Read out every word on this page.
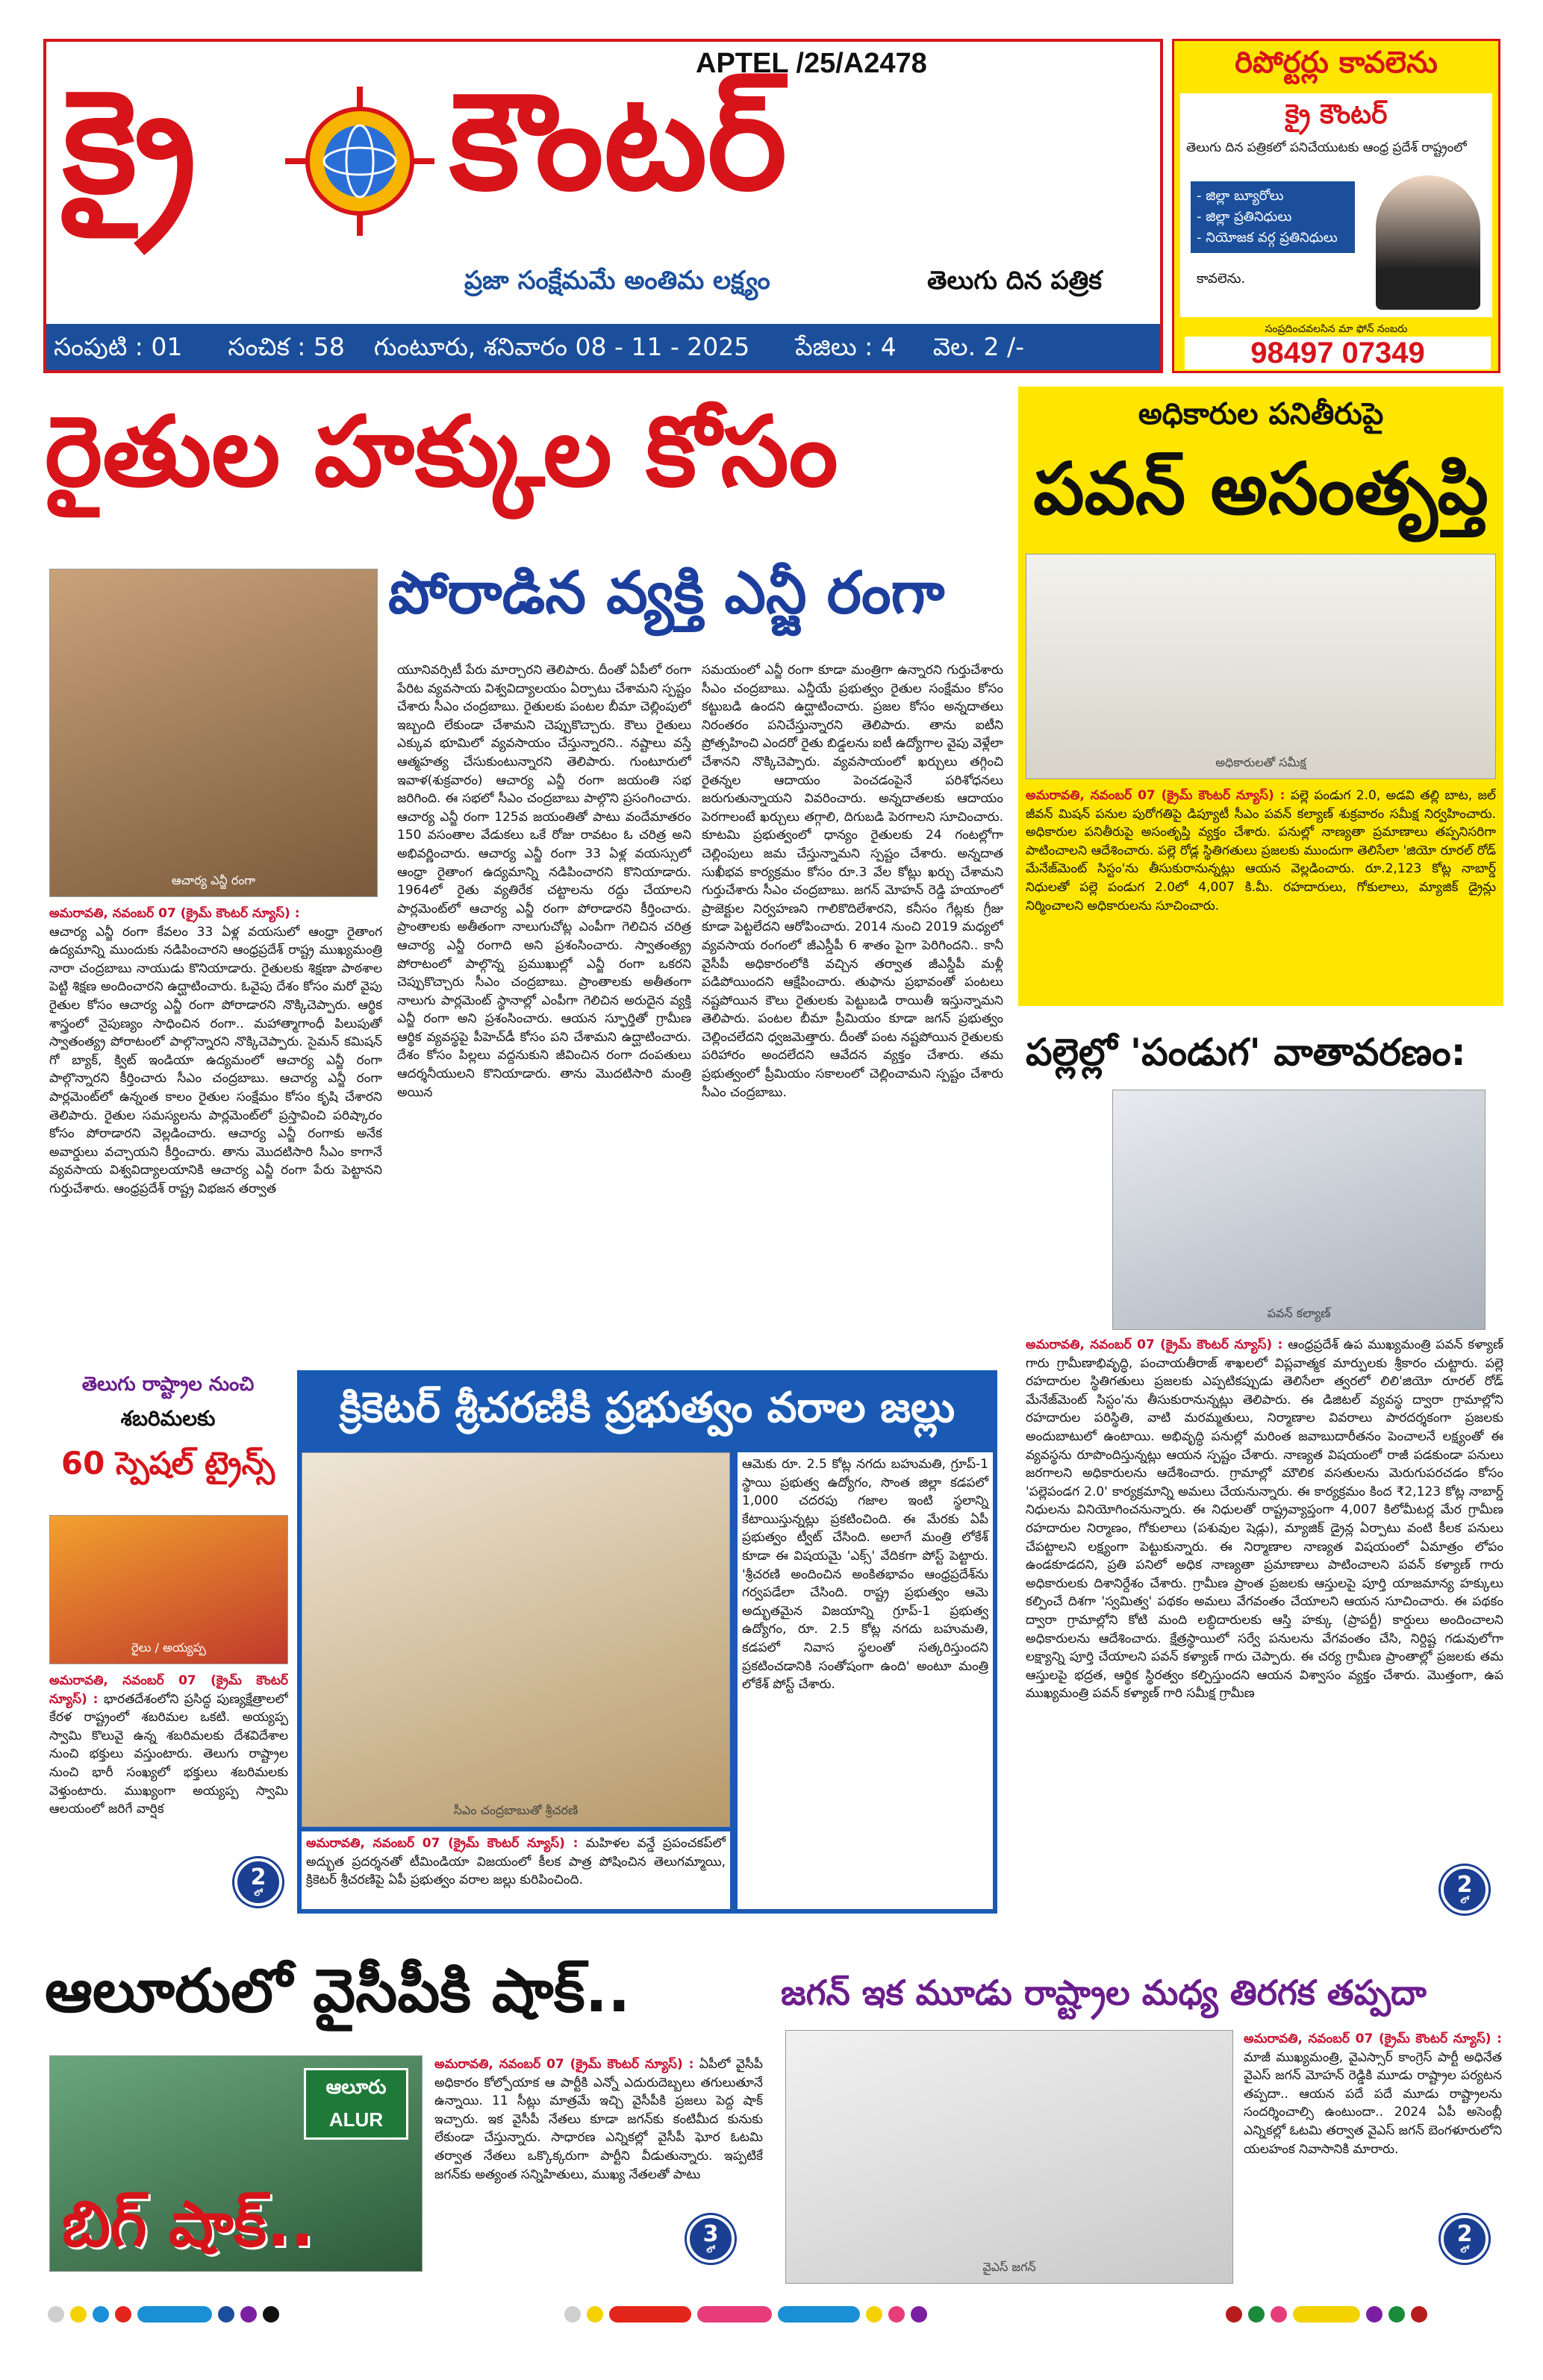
APTEL /25/A2478
క్రై కౌంటర్
ప్రజా సంక్షేమమే అంతిమ లక్ష్యం	తెలుగు దిన పత్రిక
సంపుటి : 01 సంచిక : 58 గుంటూరు, శనివారం 08 - 11 - 2025 పేజిలు : 4 వెల. 2 /-
రిపోర్టర్లు కావలెను
క్రై కౌంటర్
తెలుగు దిన పత్రికలో పనిచేయుటకు ఆంధ్ర ప్రదేశ్ రాష్ట్రంలో
- జిల్లా బ్యూరోలు
- జిల్లా ప్రతినిధులు
- నియోజక వర్గ ప్రతినిధులు
కావలెను.
సంప్రదించవలసిన మా ఫోన్ నంబరు
98497 07349
రైతుల హక్కుల కోసం
ఆచార్య ఎన్జీ రంగా
పోరాడిన వ్యక్తి ఎన్జీ రంగా

అమరావతి, నవంబర్ 07 (క్రైమ్ కౌంటర్ న్యూస్) :

ఆచార్య ఎన్జీ రంగా కేవలం 33 ఏళ్ల వయసులో ఆంధ్రా రైతాంగ ఉద్యమాన్ని ముందుకు నడిపించారని ఆంధ్రప్రదేశ్ రాష్ట్ర ముఖ్యమంత్రి నారా చంద్రబాబు నాయుడు కొనియాడారు. రైతులకు శిక్షణా పాఠశాల పెట్టి శిక్షణ అందించారని ఉద్ఘాటించారు. ఓవైపు దేశం కోసం మరో వైపు రైతుల కోసం ఆచార్య ఎన్జీ రంగా పోరాడారని నొక్కిచెప్పారు. ఆర్థిక శాస్త్రంలో నైపుణ్యం సాధించిన రంగా.. మహాత్మాగాంధీ పిలుపుతో స్వాతంత్య్ర పోరాటంలో పాల్గొన్నారని నొక్కిచెప్పారు. సైమన్ కమిషన్ గో బ్యాక్, క్విట్ ఇండియా ఉద్యమంలో ఆచార్య ఎన్జీ రంగా పాల్గొన్నారని కీర్తించారు సీఎం చంద్రబాబు. ఆచార్య ఎన్జీ రంగా పార్లమెంట్‌లో ఉన్నంత కాలం రైతుల సంక్షేమం కోసం కృషి చేశారని తెలిపారు. రైతుల సమస్యలను పార్లమెంట్‌లో ప్రస్తావించి పరిష్కారం కోసం పోరాడారని వెల్లడించారు. ఆచార్య ఎన్జీ రంగాకు అనేక అవార్డులు వచ్చాయని కీర్తించారు. తాను మొదటిసారి సీఎం కాగానే వ్యవసాయ విశ్వవిద్యాలయానికి ఆచార్య ఎన్జీ రంగా పేరు పెట్టానని గుర్తుచేశారు. ఆంధ్రప్రదేశ్ రాష్ట్ర విభజన తర్వాత

యూనివర్సిటీ పేరు మార్చారని తెలిపారు. దీంతో ఏపీలో రంగా పేరిట వ్యవసాయ విశ్వవిద్యాలయం ఏర్పాటు చేశామని స్పష్టం చేశారు సీఎం చంద్రబాబు. రైతులకు పంటల బీమా చెల్లింపులో ఇబ్బంది లేకుండా చేశామని చెప్పుకొచ్చారు. కౌలు రైతులు ఎక్కువ భూమిలో వ్యవసాయం చేస్తున్నారని.. నష్టాలు వస్తే ఆత్మహత్య చేసుకుంటున్నారని తెలిపారు. గుంటూరులో ఇవాళ(శుక్రవారం) ఆచార్య ఎన్జీ రంగా జయంతి సభ జరిగింది. ఈ సభలో సీఎం చంద్రబాబు పాల్గొని ప్రసంగించారు. ఆచార్య ఎన్జీ రంగా 125వ జయంతితో పాటు వందేమాతరం 150 వసంతాల వేడుకలు ఒకే రోజు రావటం ఓ చరిత్ర అని అభివర్ణించారు. ఆచార్య ఎన్జీ రంగా 33 ఏళ్ల వయస్సులో ఆంధ్రా రైతాంగ ఉద్యమాన్ని నడిపించారని కొనియాడారు. 1964లో రైతు వ్యతిరేక చట్టాలను రద్దు చేయాలని పార్లమెంట్‌లో ఆచార్య ఎన్జీ రంగా పోరాడారని కీర్తించారు. ప్రాంతాలకు అతీతంగా నాలుగుచోట్ల ఎంపీగా గెలిచిన చరిత్ర ఆచార్య ఎన్జీ రంగాది అని ప్రశంసించారు. స్వాతంత్య్ర పోరాటంలో పాల్గొన్న ప్రముఖుల్లో ఎన్జీ రంగా ఒకరని చెప్పుకొచ్చారు సీఎం చంద్రబాబు. ప్రాంతాలకు అతీతంగా నాలుగు పార్లమెంట్ స్థానాల్లో ఎంపీగా గెలిచిన అరుదైన వ్యక్తి ఎన్జీ రంగా అని ప్రశంసించారు. ఆయన స్ఫూర్తితో గ్రామీణ ఆర్థిక వ్యవస్థపై పీహెచ్‌డీ కోసం పని చేశామని ఉద్ఘాటించారు. దేశం కోసం పిల్లలు వద్దనుకుని జీవించిన రంగా దంపతులు ఆదర్శనీయులని కొనియాడారు. తాను మొదటిసారి మంత్రి అయిన

సమయంలో ఎన్జీ రంగా కూడా మంత్రిగా ఉన్నారని గుర్తుచేశారు సీఎం చంద్రబాబు. ఎన్డీయే ప్రభుత్వం రైతుల సంక్షేమం కోసం కట్టుబడి ఉందని ఉద్ఘాటించారు. ప్రజల కోసం అన్నదాతలు నిరంతరం పనిచేస్తున్నారని తెలిపారు. తాను ఐటీని ప్రోత్సహించి ఎందరో రైతు బిడ్డలను ఐటీ ఉద్యోగాల వైపు వెళ్లేలా చేశానని నొక్కిచెప్పారు. వ్యవసాయంలో ఖర్చులు తగ్గించి రైతన్నల ఆదాయం పెంచడంపైనే పరిశోధనలు జరుగుతున్నాయని వివరించారు. అన్నదాతలకు ఆదాయం పెరగాలంటే ఖర్చులు తగ్గాలి, దిగుబడి పెరగాలని సూచించారు. కూటమి ప్రభుత్వంలో ధాన్యం రైతులకు 24 గంటల్లోగా చెల్లింపులు జమ చేస్తున్నామని స్పష్టం చేశారు. అన్నదాత సుఖీభవ కార్యక్రమం కోసం రూ.3 వేల కోట్లు ఖర్చు చేశామని గుర్తుచేశారు సీఎం చంద్రబాబు. జగన్ మోహన్ రెడ్డి హయాంలో ప్రాజెక్టుల నిర్వహణని గాలికొదిలేశారని, కనీసం గేట్లకు గ్రీజు కూడా పెట్టలేదని ఆరోపించారు. 2014 నుంచి 2019 మధ్యలో వ్యవసాయ రంగంలో జీఎస్డీపీ 6 శాతం పైగా పెరిగిందని.. కానీ వైసీపీ అధికారంలోకి వచ్చిన తర్వాత జీఎస్డీపీ మళ్లీ పడిపోయిందని ఆక్షేపించారు. తుఫాను ప్రభావంతో పంటలు నష్టపోయిన కౌలు రైతులకు పెట్టుబడి రాయితీ ఇస్తున్నామని తెలిపారు. పంటల బీమా ప్రీమియం కూడా జగన్ ప్రభుత్వం చెల్లించలేదని ధ్వజమెత్తారు. దీంతో పంట నష్టపోయిన రైతులకు పరిహారం అందలేదని ఆవేదన వ్యక్తం చేశారు. తమ ప్రభుత్వంలో ప్రీమియం సకాలంలో చెల్లించామని స్పష్టం చేశారు సీఎం చంద్రబాబు.

అధికారుల పనితీరుపై
పవన్ అసంతృప్తి
అధికారులతో సమీక్ష

అమరావతి, నవంబర్ 07 (క్రైమ్ కౌంటర్ న్యూస్) : పల్లె పండుగ 2.0, అడవి తల్లి బాట, జల్ జీవన్ మిషన్ పనుల పురోగతిపై డిప్యూటీ సీఎం పవన్ కల్యాణ్ శుక్రవారం సమీక్ష నిర్వహించారు. అధికారుల పనితీరుపై అసంతృప్తి వ్యక్తం చేశారు. పనుల్లో నాణ్యతా ప్రమాణాలు తప్పనిసరిగా పాటించాలని ఆదేశించారు. పల్లె రోడ్ల స్థితిగతులు ప్రజలకు ముందుగా తెలిసేలా 'జియో రూరల్ రోడ్ మేనేజ్‌మెంట్ సిస్టం'ను తీసుకురానున్నట్లు ఆయన వెల్లడించారు. రూ.2,123 కోట్ల నాబార్డ్ నిధులతో పల్లె పండుగ 2.0లో 4,007 కి.మీ. రహదారులు, గోకులాలు, మ్యాజిక్ డ్రైన్లు నిర్మించాలని అధికారులను సూచించారు.

పల్లెల్లో 'పండుగ' వాతావరణం:
పవన్ కల్యాణ్

అమరావతి, నవంబర్ 07 (క్రైమ్ కౌంటర్ న్యూస్) : ఆంధ్రప్రదేశ్ ఉప ముఖ్యమంత్రి పవన్ కళ్యాణ్ గారు గ్రామీణాభివృద్ధి, పంచాయతీరాజ్ శాఖలలో విప్లవాత్మక మార్పులకు శ్రీకారం చుట్టారు. పల్లె రహదారుల స్థితిగతులు ప్రజలకు ఎప్పటికప్పుడు తెలిసేలా త్వరలో లిలి'జియో రూరల్ రోడ్ మేనేజ్‌మెంట్ సిస్టం'ను తీసుకురానున్నట్లు తెలిపారు. ఈ డిజిటల్ వ్యవస్థ ద్వారా గ్రామాల్లోని రహదారుల పరిస్థితి, వాటి మరమ్మతులు, నిర్మాణాల వివరాలు పారదర్శకంగా ప్రజలకు అందుబాటులో ఉంటాయి. అభివృద్ధి పనుల్లో మరింత జవాబుదారీతనం పెంచాలనే లక్ష్యంతో ఈ వ్యవస్థను రూపొందిస్తున్నట్లు ఆయన స్పష్టం చేశారు. నాణ్యత విషయంలో రాజీ పడకుండా పనులు జరగాలని అధికారులను ఆదేశించారు. గ్రామాల్లో మౌలిక వసతులను మెరుగుపరచడం కోసం 'పల్లెపండగ 2.0' కార్యక్రమాన్ని అమలు చేయనున్నారు. ఈ కార్యక్రమం కింద ₹2,123 కోట్ల నాబార్డ్ నిధులను వినియోగించనున్నారు. ఈ నిధులతో రాష్ట్రవ్యాప్తంగా 4,007 కిలోమీటర్ల మేర గ్రామీణ రహదారుల నిర్మాణం, గోకులాలు (పశువుల షెడ్లు), మ్యాజిక్ డ్రైన్ల ఏర్పాటు వంటి కీలక పనులు చేపట్టాలని లక్ష్యంగా పెట్టుకున్నారు. ఈ నిర్మాణాల నాణ్యత విషయంలో ఏమాత్రం లోపం ఉండకూడదని, ప్రతి పనిలో అధిక నాణ్యతా ప్రమాణాలు పాటించాలని పవన్ కళ్యాణ్ గారు అధికారులకు దిశానిర్దేశం చేశారు. గ్రామీణ ప్రాంత ప్రజలకు ఆస్తులపై పూర్తి యాజమాన్య హక్కులు కల్పించే దిశగా 'స్వమిత్వ' పథకం అమలు వేగవంతం చేయాలని ఆయన సూచించారు. ఈ పథకం ద్వారా గ్రామాల్లోని కోటి మంది లబ్ధిదారులకు ఆస్తి హక్కు (ప్రాపర్టీ) కార్డులు అందించాలని అధికారులను ఆదేశించారు. క్షేత్రస్థాయిలో సర్వే పనులను వేగవంతం చేసి, నిర్దిష్ట గడువులోగా లక్ష్యాన్ని పూర్తి చేయాలని పవన్ కళ్యాణ్ గారు చెప్పారు. ఈ చర్య గ్రామీణ ప్రాంతాల్లో ప్రజలకు తమ ఆస్తులపై భద్రత, ఆర్థిక స్థిరత్వం కల్పిస్తుందని ఆయన విశ్వాసం వ్యక్తం చేశారు. మొత్తంగా, ఉప ముఖ్యమంత్రి పవన్ కళ్యాణ్ గారి సమీక్ష గ్రామీణ

2
లో
తెలుగు రాష్ట్రాల నుంచి
శబరిమలకు
60 స్పెషల్ ట్రైన్స్
రైలు / అయ్యప్ప

అమరావతి, నవంబర్ 07 (క్రైమ్ కౌంటర్ న్యూస్) : భారతదేశంలోని ప్రసిద్ధ పుణ్యక్షేత్రాలలో కేరళ రాష్ట్రంలో శబరిమల ఒకటి. అయ్యప్ప స్వామి కొలువై ఉన్న శబరిమలకు దేశవిదేశాల నుంచి భక్తులు వస్తుంటారు. తెలుగు రాష్ట్రాల నుంచి భారీ సంఖ్యలో భక్తులు శబరిమలకు వెళ్తుంటారు. ముఖ్యంగా అయ్యప్ప స్వామి ఆలయంలో జరిగే వార్షిక

2
లో
క్రికెటర్ శ్రీచరణికి ప్రభుత్వం వరాల జల్లు
సీఎం చంద్రబాబుతో శ్రీచరణి

అమరావతి, నవంబర్ 07 (క్రైమ్ కౌంటర్ న్యూస్) : మహిళల వన్డే ప్రపంచకప్‌లో అద్భుత ప్రదర్శనతో టీమిండియా విజయంలో కీలక పాత్ర పోషించిన తెలుగమ్మాయి, క్రికెటర్ శ్రీచరణిపై ఏపీ ప్రభుత్వం వరాల జల్లు కురిపించింది.

ఆమెకు రూ. 2.5 కోట్ల నగదు బహుమతి, గ్రూప్-1 స్థాయి ప్రభుత్వ ఉద్యోగం, సొంత జిల్లా కడపలో 1,000 చదరపు గజాల ఇంటి స్థలాన్ని కేటాయిస్తున్నట్లు ప్రకటించింది. ఈ మేరకు ఏపీ ప్రభుత్వం ట్వీట్ చేసింది. అలాగే మంత్రి లోకేశ్ కూడా ఈ విషయమై 'ఎక్స్' వేదికగా పోస్ట్ పెట్టారు. 'శ్రీచరణి అందించిన అంకితభావం ఆంధ్రప్రదేశ్‌ను గర్వపడేలా చేసింది. రాష్ట్ర ప్రభుత్వం ఆమె అద్భుతమైన విజయాన్ని గ్రూప్-1 ప్రభుత్వ ఉద్యోగం, రూ. 2.5 కోట్ల నగదు బహుమతి, కడపలో నివాస స్థలంతో సత్కరిస్తుందని ప్రకటించడానికి సంతోషంగా ఉంది' అంటూ మంత్రి లోకేశ్ పోస్ట్ చేశారు.

ఆలూరులో వైసీపీకి షాక్..
ఆలూరు
ALUR
బిగ్ షాక్..

అమరావతి, నవంబర్ 07 (క్రైమ్ కౌంటర్ న్యూస్) : ఏపీలో వైసీపీ అధికారం కోల్పోయాక ఆ పార్టీకి ఎన్నో ఎదురుదెబ్బలు తగులుతూనే ఉన్నాయి. 11 సీట్లు మాత్రమే ఇచ్చి వైసీపీకి ప్రజలు పెద్ద షాక్ ఇచ్చారు. ఇక వైసీపీ నేతలు కూడా జగన్‌కు కంటిమీద కునుకు లేకుండా చేస్తున్నారు. సాధారణ ఎన్నికల్లో వైసీపీ ఘోర ఓటమి తర్వాత నేతలు ఒక్కొక్కరుగా పార్టీని వీడుతున్నారు. ఇప్పటికే జగన్‌కు అత్యంత సన్నిహితులు, ముఖ్య నేతలతో పాటు

3
లో
జగన్ ఇక మూడు రాష్ట్రాల మధ్య తిరగక తప్పదా
వైఎస్ జగన్

అమరావతి, నవంబర్ 07 (క్రైమ్ కౌంటర్ న్యూస్) : మాజీ ముఖ్యమంత్రి, వైఎస్సార్ కాంగ్రెస్ పార్టీ అధినేత వైఎస్ జగన్ మోహన్ రెడ్డికి మూడు రాష్ట్రాల పర్యటన తప్పదా.. ఆయన పదే పదే మూడు రాష్ట్రాలను సందర్శించాల్సి ఉంటుందా.. 2024 ఏపీ అసెంబ్లీ ఎన్నికల్లో ఓటమి తర్వాత వైఎస్ జగన్ బెంగళూరులోని యలహంక నివాసానికి మారారు.

2
లో
